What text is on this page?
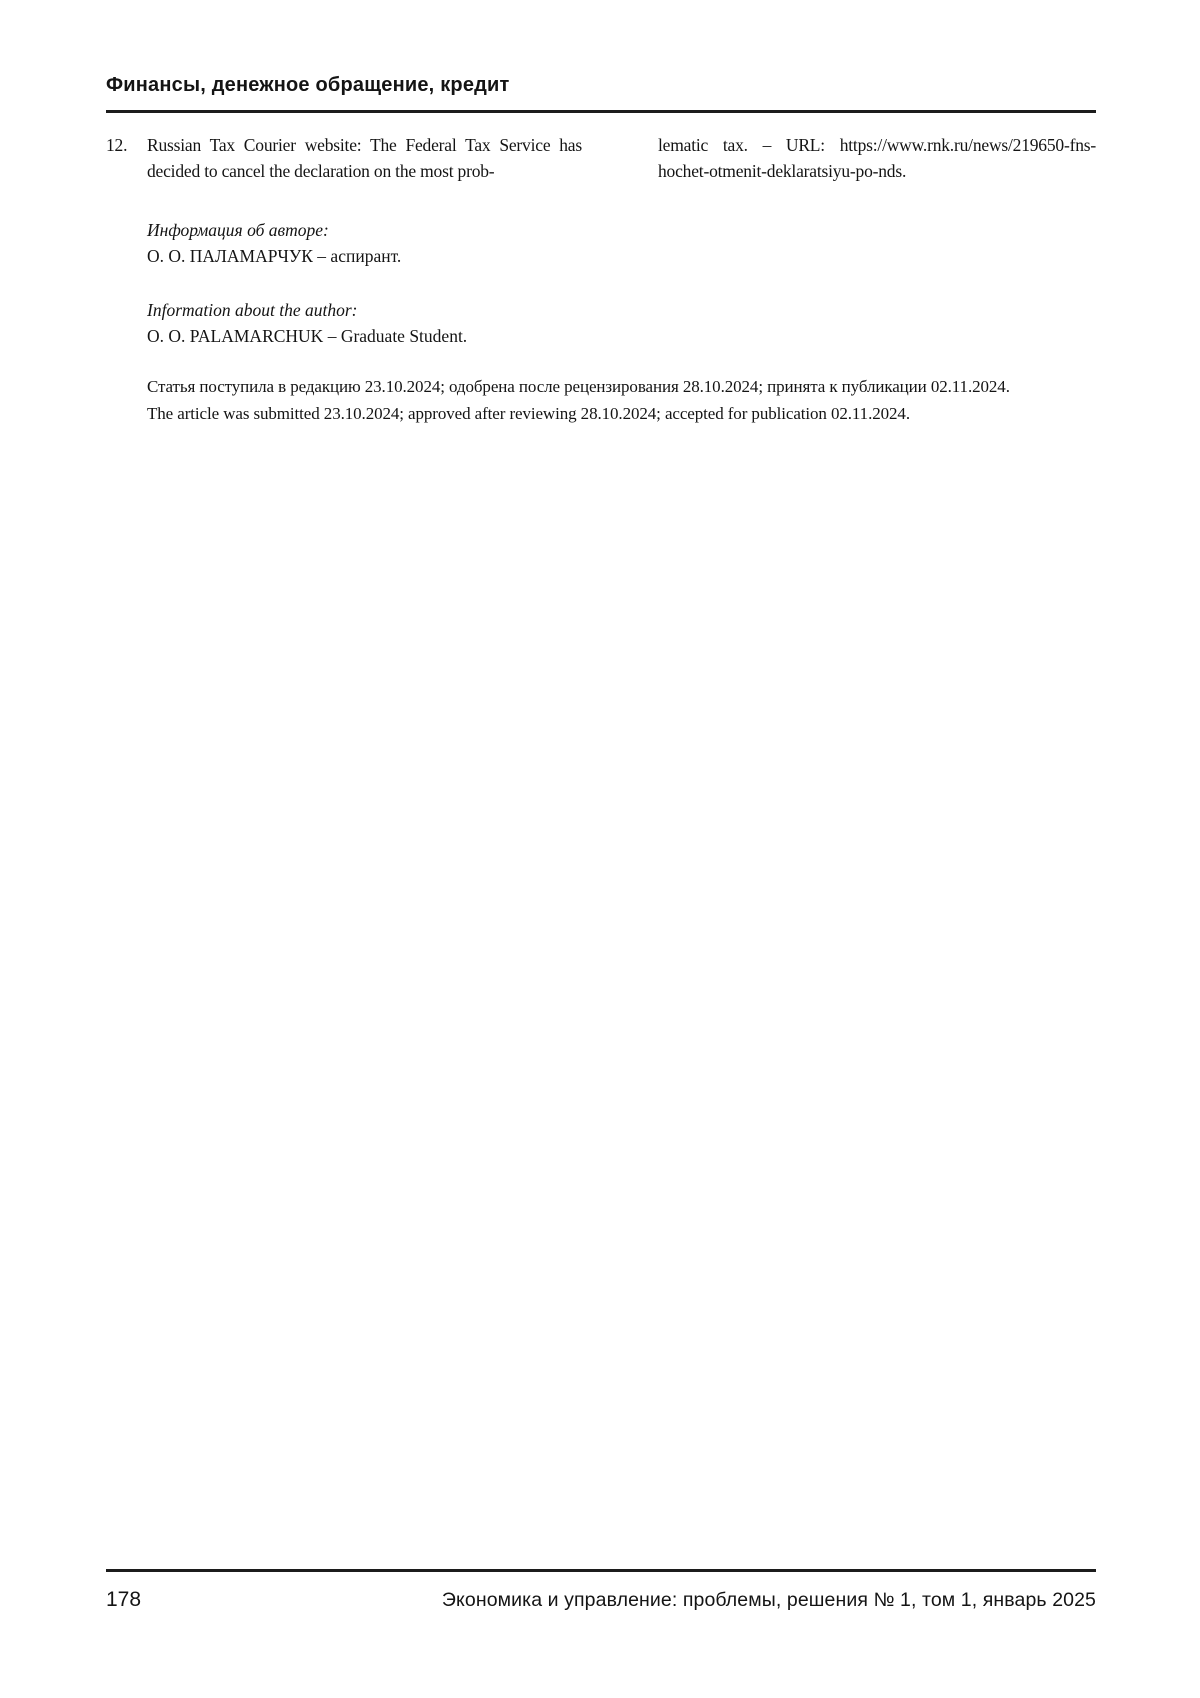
Финансы, денежное обращение, кредит
12.	Russian Tax Courier website: The Federal Tax Service has decided to cancel the declaration on the most prob-

lematic tax. – URL: https://www.rnk.ru/news/219650-fns-hochet-otmenit-deklaratsiyu-po-nds.

Информация об авторе:

О. О. ПАЛАМАРЧУК – аспирант.

Information about the author:

O. O. PALAMARCHUK – Graduate Student.

Статья поступила в редакцию 23.10.2024; одобрена после рецензирования 28.10.2024; принята к публикации 02.11.2024.

The article was submitted 23.10.2024; approved after reviewing 28.10.2024; accepted for publication 02.11.2024.

178	Экономика и управление: проблемы, решения № 1, том 1, январь 2025
